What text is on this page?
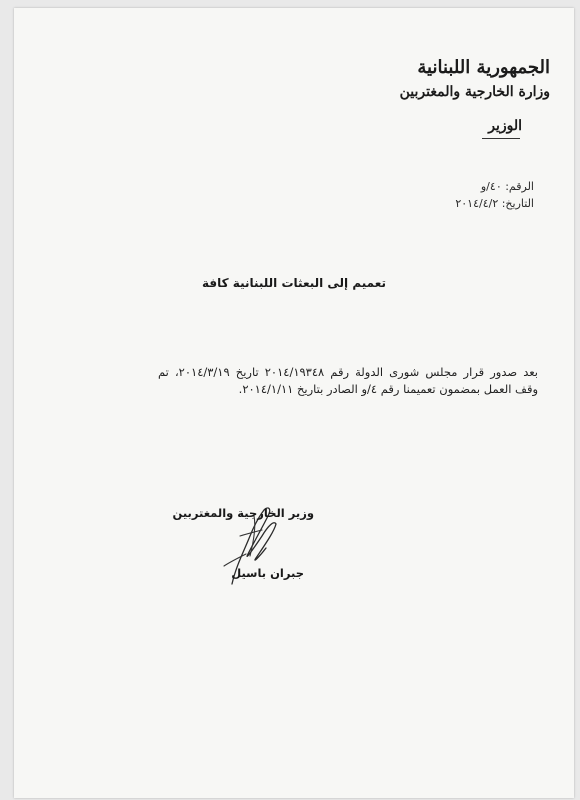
الجمهورية اللبنانية
وزارة الخارجية والمغتربين
الوزير
الرقم: ٤٠/و
التاريخ: ٢٠١٤/٤/٢
تعميم إلى البعثات اللبنانية كافة
بعد صدور قرار مجلس شورى الدولة رقم ٢٠١٤/١٩٣٤٨ تاريخ ٢٠١٤/٣/١٩، تم وقف العمل بمضمون تعميمنا رقم ٤/و الصادر بتاريخ ٢٠١٤/١/١١.
وزير الخارجية والمغتربين
جبران باسيل
